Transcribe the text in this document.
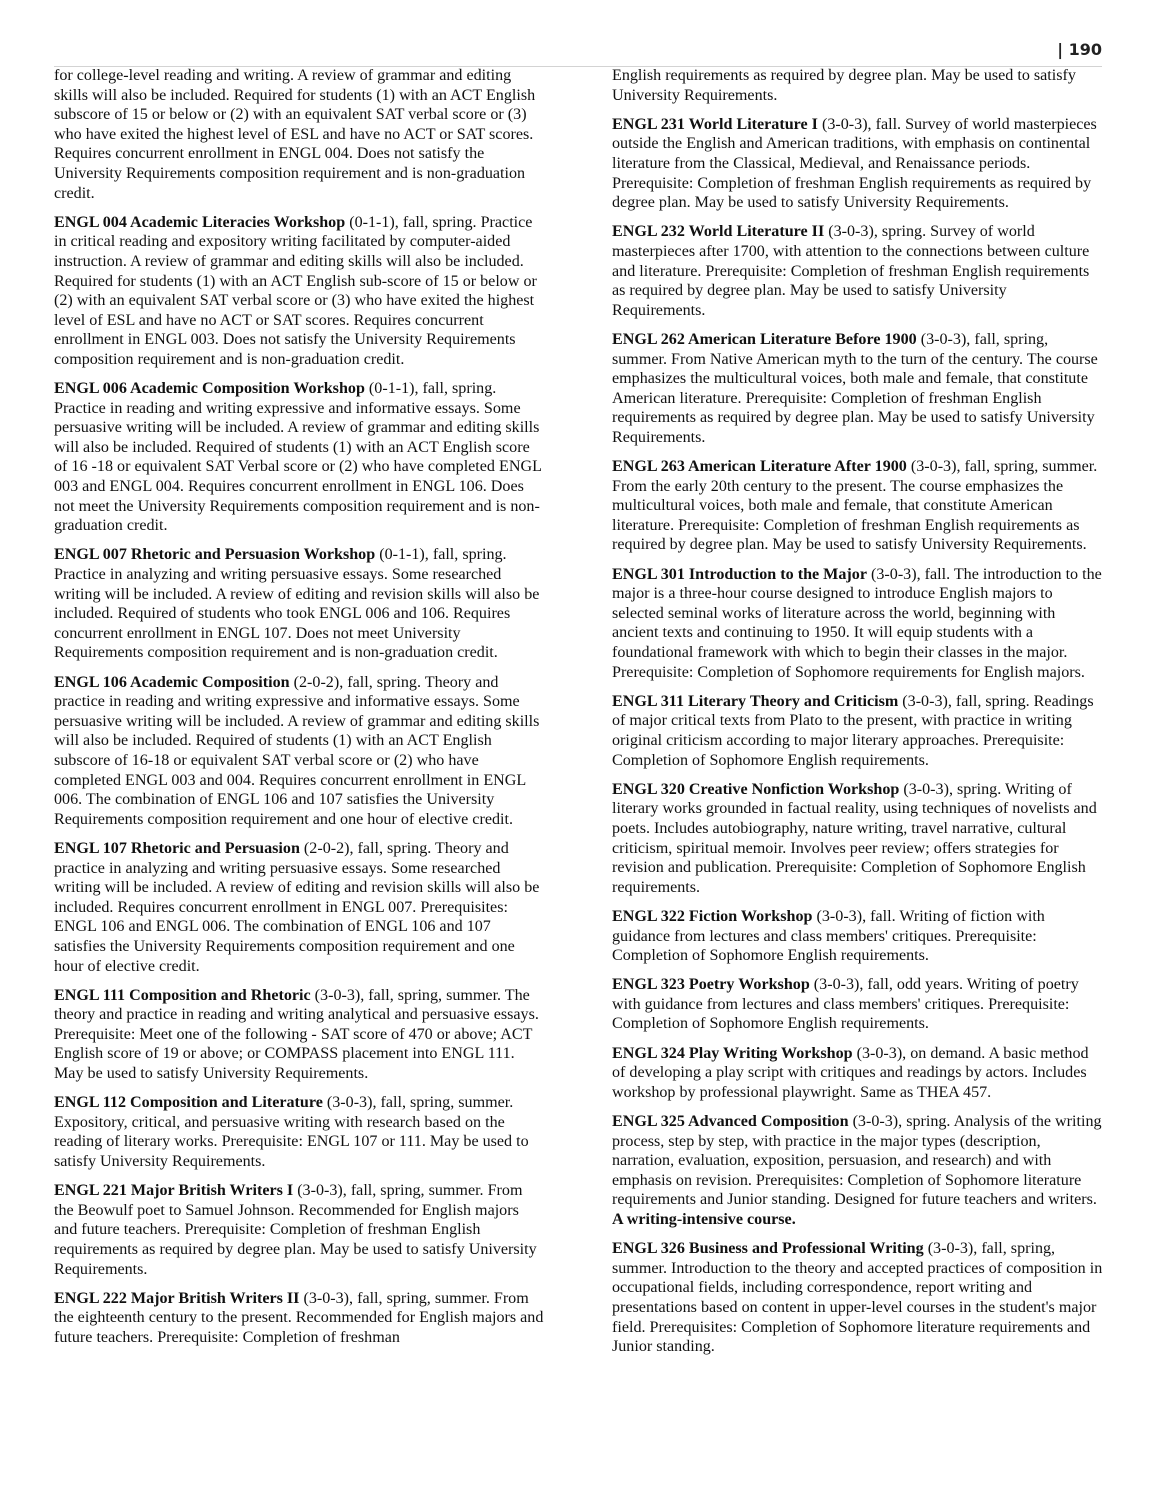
| 190

for college-level reading and writing. A review of grammar and editing skills will also be included. Required for students (1) with an ACT English subscore of 15 or below or (2) with an equivalent SAT verbal score or (3) who have exited the highest level of ESL and have no ACT or SAT scores. Requires concurrent enrollment in ENGL 004. Does not satisfy the University Requirements composition requirement and is non-graduation credit.

ENGL 004 Academic Literacies Workshop (0-1-1), fall, spring. Practice in critical reading and expository writing facilitated by computer-aided instruction. A review of grammar and editing skills will also be included. Required for students (1) with an ACT English sub-score of 15 or below or (2) with an equivalent SAT verbal score or (3) who have exited the highest level of ESL and have no ACT or SAT scores. Requires concurrent enrollment in ENGL 003. Does not satisfy the University Requirements composition requirement and is non-graduation credit.

ENGL 006 Academic Composition Workshop (0-1-1), fall, spring. Practice in reading and writing expressive and informative essays. Some persuasive writing will be included. A review of grammar and editing skills will also be included. Required of students (1) with an ACT English score of 16 -18 or equivalent SAT Verbal score or (2) who have completed ENGL 003 and ENGL 004. Requires concurrent enrollment in ENGL 106. Does not meet the University Requirements composition requirement and is non-graduation credit.

ENGL 007 Rhetoric and Persuasion Workshop (0-1-1), fall, spring. Practice in analyzing and writing persuasive essays. Some researched writing will be included. A review of editing and revision skills will also be included. Required of students who took ENGL 006 and 106. Requires concurrent enrollment in ENGL 107. Does not meet University Requirements composition requirement and is non-graduation credit.

ENGL 106 Academic Composition (2-0-2), fall, spring. Theory and practice in reading and writing expressive and informative essays. Some persuasive writing will be included. A review of grammar and editing skills will also be included. Required of students (1) with an ACT English subscore of 16-18 or equivalent SAT verbal score or (2) who have completed ENGL 003 and 004. Requires concurrent enrollment in ENGL 006. The combination of ENGL 106 and 107 satisfies the University Requirements composition requirement and one hour of elective credit.

ENGL 107 Rhetoric and Persuasion (2-0-2), fall, spring. Theory and practice in analyzing and writing persuasive essays. Some researched writing will be included. A review of editing and revision skills will also be included. Requires concurrent enrollment in ENGL 007. Prerequisites: ENGL 106 and ENGL 006. The combination of ENGL 106 and 107 satisfies the University Requirements composition requirement and one hour of elective credit.

ENGL 111 Composition and Rhetoric (3-0-3), fall, spring, summer. The theory and practice in reading and writing analytical and persuasive essays. Prerequisite: Meet one of the following - SAT score of 470 or above; ACT English score of 19 or above; or COMPASS placement into ENGL 111. May be used to satisfy University Requirements.

ENGL 112 Composition and Literature (3-0-3), fall, spring, summer. Expository, critical, and persuasive writing with research based on the reading of literary works. Prerequisite: ENGL 107 or 111. May be used to satisfy University Requirements.

ENGL 221 Major British Writers I (3-0-3), fall, spring, summer. From the Beowulf poet to Samuel Johnson. Recommended for English majors and future teachers. Prerequisite: Completion of freshman English requirements as required by degree plan. May be used to satisfy University Requirements.

ENGL 222 Major British Writers II (3-0-3), fall, spring, summer. From the eighteenth century to the present. Recommended for English majors and future teachers. Prerequisite: Completion of freshman

English requirements as required by degree plan. May be used to satisfy University Requirements.

ENGL 231 World Literature I (3-0-3), fall. Survey of world masterpieces outside the English and American traditions, with emphasis on continental literature from the Classical, Medieval, and Renaissance periods. Prerequisite: Completion of freshman English requirements as required by degree plan. May be used to satisfy University Requirements.

ENGL 232 World Literature II (3-0-3), spring. Survey of world masterpieces after 1700, with attention to the connections between culture and literature. Prerequisite: Completion of freshman English requirements as required by degree plan. May be used to satisfy University Requirements.

ENGL 262 American Literature Before 1900 (3-0-3), fall, spring, summer. From Native American myth to the turn of the century. The course emphasizes the multicultural voices, both male and female, that constitute American literature. Prerequisite: Completion of freshman English requirements as required by degree plan. May be used to satisfy University Requirements.

ENGL 263 American Literature After 1900 (3-0-3), fall, spring, summer. From the early 20th century to the present. The course emphasizes the multicultural voices, both male and female, that constitute American literature. Prerequisite: Completion of freshman English requirements as required by degree plan. May be used to satisfy University Requirements.

ENGL 301 Introduction to the Major (3-0-3), fall. The introduction to the major is a three-hour course designed to introduce English majors to selected seminal works of literature across the world, beginning with ancient texts and continuing to 1950. It will equip students with a foundational framework with which to begin their classes in the major. Prerequisite: Completion of Sophomore requirements for English majors.

ENGL 311 Literary Theory and Criticism (3-0-3), fall, spring. Readings of major critical texts from Plato to the present, with practice in writing original criticism according to major literary approaches. Prerequisite: Completion of Sophomore English requirements.

ENGL 320 Creative Nonfiction Workshop (3-0-3), spring. Writing of literary works grounded in factual reality, using techniques of novelists and poets. Includes autobiography, nature writing, travel narrative, cultural criticism, spiritual memoir. Involves peer review; offers strategies for revision and publication. Prerequisite: Completion of Sophomore English requirements.

ENGL 322 Fiction Workshop (3-0-3), fall. Writing of fiction with guidance from lectures and class members' critiques. Prerequisite: Completion of Sophomore English requirements.

ENGL 323 Poetry Workshop (3-0-3), fall, odd years. Writing of poetry with guidance from lectures and class members' critiques. Prerequisite: Completion of Sophomore English requirements.

ENGL 324 Play Writing Workshop (3-0-3), on demand. A basic method of developing a play script with critiques and readings by actors. Includes workshop by professional playwright. Same as THEA 457.

ENGL 325 Advanced Composition (3-0-3), spring. Analysis of the writing process, step by step, with practice in the major types (description, narration, evaluation, exposition, persuasion, and research) and with emphasis on revision. Prerequisites: Completion of Sophomore literature requirements and Junior standing. Designed for future teachers and writers. A writing-intensive course.

ENGL 326 Business and Professional Writing (3-0-3), fall, spring, summer. Introduction to the theory and accepted practices of composition in occupational fields, including correspondence, report writing and presentations based on content in upper-level courses in the student's major field. Prerequisites: Completion of Sophomore literature requirements and Junior standing.
